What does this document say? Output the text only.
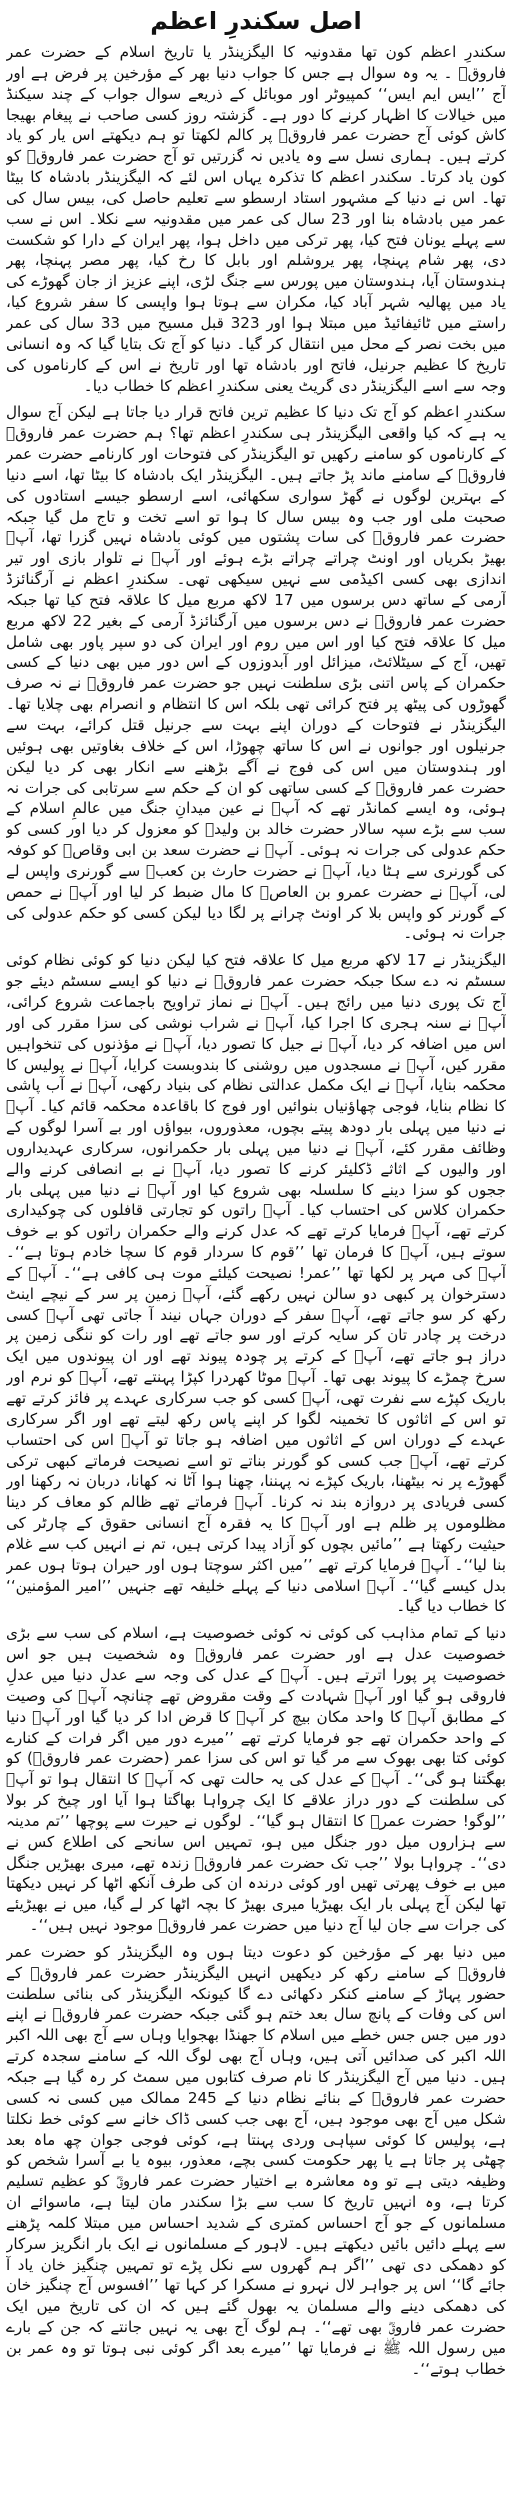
اصل سکندرِ اعظم

سکندرِ اعظم کون تھا مقدونیہ کا الیگزینڈر یا تاریخ اسلام کے حضرت عمر فاروقؓ ۔ یہ وہ سوال ہے جس کا جواب دنیا بھر کے مؤرخین پر فرض ہے اور آج ’’ایس ایم ایس‘‘ کمپیوٹر اور موبائل کے ذریعے سوال جواب کے چند سیکنڈ میں خیالات کا اظہار کرنے کا دور ہے۔ گزشتہ روز کسی صاحب نے پیغام بھیجا کاش کوئی آج حضرت عمر فاروقؓ پر کالم لکھتا تو ہم دیکھتے اس یار کو یاد کرتے ہیں۔ ہماری نسل سے وہ یادیں نہ گزرتیں تو آج حضرت عمر فاروقؓ کو کون یاد کرتا۔ سکندر اعظم کا تذکرہ یہاں اس لئے کہ الیگزینڈر بادشاہ کا بیٹا تھا۔ اس نے دنیا کے مشہور استاد ارسطو سے تعلیم حاصل کی، بیس سال کی عمر میں بادشاہ بنا اور 23 سال کی عمر میں مقدونیہ سے نکلا۔ اس نے سب سے پہلے یونان فتح کیا، پھر ترکی میں داخل ہوا، پھر ایران کے دارا کو شکست دی، پھر شام پہنچا، پھر یروشلم اور بابل کا رخ کیا، پھر مصر پہنچا، پھر ہندوستان آیا، ہندوستان میں پورس سے جنگ لڑی، اپنے عزیز از جان گھوڑے کی یاد میں پھالیہ شہر آباد کیا، مکران سے ہوتا ہوا واپسی کا سفر شروع کیا، راستے میں ٹائیفائیڈ میں مبتلا ہوا اور 323 قبل مسیح میں 33 سال کی عمر میں بخت نصر کے محل میں انتقال کر گیا۔ دنیا کو آج تک بتایا گیا کہ وہ انسانی تاریخ کا عظیم جرنیل، فاتح اور بادشاہ تھا اور تاریخ نے اس کے کارناموں کی وجہ سے اسے الیگزینڈر دی گریٹ یعنی سکندرِ اعظم کا خطاب دیا۔

سکندرِ اعظم کو آج تک دنیا کا عظیم ترین فاتح قرار دیا جاتا ہے لیکن آج سوال یہ ہے کہ کیا واقعی الیگزینڈر ہی سکندرِ اعظم تھا؟ ہم حضرت عمر فاروقؓ کے کارناموں کو سامنے رکھیں تو الیگزینڈر کی فتوحات اور کارنامے حضرت عمر فاروقؓ کے سامنے ماند پڑ جاتے ہیں۔ الیگزینڈر ایک بادشاہ کا بیٹا تھا، اسے دنیا کے بہترین لوگوں نے گھڑ سواری سکھائی، اسے ارسطو جیسے استادوں کی صحبت ملی اور جب وہ بیس سال کا ہوا تو اسے تخت و تاج مل گیا جبکہ حضرت عمر فاروقؓ کی سات پشتوں میں کوئی بادشاہ نہیں گزرا تھا، آپؓ بھیڑ بکریاں اور اونٹ چراتے چراتے بڑے ہوئے اور آپؓ نے تلوار بازی اور تیر اندازی بھی کسی اکیڈمی سے نہیں سیکھی تھی۔ سکندرِ اعظم نے آرگنائزڈ آرمی کے ساتھ دس برسوں میں 17 لاکھ مربع میل کا علاقہ فتح کیا تھا جبکہ حضرت عمر فاروقؓ نے دس برسوں میں آرگنائزڈ آرمی کے بغیر 22 لاکھ مربع میل کا علاقہ فتح کیا اور اس میں روم اور ایران کی دو سپر پاور بھی شامل تھیں، آج کے سیٹلائٹ، میزائل اور آبدوزوں کے اس دور میں بھی دنیا کے کسی حکمران کے پاس اتنی بڑی سلطنت نہیں جو حضرت عمر فاروقؓ نے نہ صرف گھوڑوں کی پیٹھ پر فتح کرائی تھی بلکہ اس کا انتظام و انصرام بھی چلایا تھا۔ الیگزینڈر نے فتوحات کے دوران اپنے بہت سے جرنیل قتل کرائے، بہت سے جرنیلوں اور جوانوں نے اس کا ساتھ چھوڑا، اس کے خلاف بغاوتیں بھی ہوئیں اور ہندوستان میں اس کی فوج نے آگے بڑھنے سے انکار بھی کر دیا لیکن حضرت عمر فاروقؓ کے کسی ساتھی کو ان کے حکم سے سرتابی کی جرات نہ ہوئی، وہ ایسے کمانڈر تھے کہ آپؓ نے عین میدانِ جنگ میں عالمِ اسلام کے سب سے بڑے سپہ سالار حضرت خالد بن ولیدؓ کو معزول کر دیا اور کسی کو حکم عدولی کی جرات نہ ہوئی۔ آپؓ نے حضرت سعد بن ابی وقاصؓ کو کوفہ کی گورنری سے ہٹا دیا، آپؓ نے حضرت حارث بن کعبؓ سے گورنری واپس لے لی، آپؓ نے حضرت عمرو بن العاصؓ کا مال ضبط کر لیا اور آپؓ نے حمص کے گورنر کو واپس بلا کر اونٹ چرانے پر لگا دیا لیکن کسی کو حکم عدولی کی جرات نہ ہوئی۔

الیگزینڈر نے 17 لاکھ مربع میل کا علاقہ فتح کیا لیکن دنیا کو کوئی نظام کوئی سسٹم نہ دے سکا جبکہ حضرت عمر فاروقؓ نے دنیا کو ایسے سسٹم دیئے جو آج تک پوری دنیا میں رائج ہیں۔ آپؓ نے نماز تراویح باجماعت شروع کرائی، آپؓ نے سنہ ہجری کا اجرا کیا، آپؓ نے شراب نوشی کی سزا مقرر کی اور اس میں اضافہ کر دیا، آپؓ نے جیل کا تصور دیا، آپؓ نے مؤذنوں کی تنخواہیں مقرر کیں، آپؓ نے مسجدوں میں روشنی کا بندوبست کرایا، آپؓ نے پولیس کا محکمہ بنایا، آپؓ نے ایک مکمل عدالتی نظام کی بنیاد رکھی، آپؓ نے آب پاشی کا نظام بنایا، فوجی چھاؤنیاں بنوائیں اور فوج کا باقاعدہ محکمہ قائم کیا۔ آپؓ نے دنیا میں پہلی بار دودھ پیتے بچوں، معذوروں، بیواؤں اور بے آسرا لوگوں کے وظائف مقرر کئے، آپؓ نے دنیا میں پہلی بار حکمرانوں، سرکاری عہدیداروں اور والیوں کے اثاثے ڈکلیئر کرنے کا تصور دیا، آپؓ نے بے انصافی کرنے والے ججوں کو سزا دینے کا سلسلہ بھی شروع کیا اور آپؓ نے دنیا میں پہلی بار حکمران کلاس کی احتساب کیا۔ آپؓ راتوں کو تجارتی قافلوں کی چوکیداری کرتے تھے، آپؓ فرمایا کرتے تھے کہ عدل کرنے والے حکمران راتوں کو بے خوف سوتے ہیں، آپؓ کا فرمان تھا ’’قوم کا سردار قوم کا سچا خادم ہوتا ہے‘‘۔ آپؓ کی مہر پر لکھا تھا ’’عمر! نصیحت کیلئے موت ہی کافی ہے‘‘۔ آپؓ کے دسترخوان پر کبھی دو سالن نہیں رکھے گئے، آپؓ زمین پر سر کے نیچے اینٹ رکھ کر سو جاتے تھے، آپؓ سفر کے دوران جہاں نیند آ جاتی تھی آپؓ کسی درخت پر چادر تان کر سایہ کرتے اور سو جاتے تھے اور رات کو ننگی زمین پر دراز ہو جاتے تھے، آپؓ کے کرتے پر چودہ پیوند تھے اور ان پیوندوں میں ایک سرخ چمڑے کا پیوند بھی تھا۔ آپؓ موٹا کھردرا کپڑا پہنتے تھے، آپؓ کو نرم اور باریک کپڑے سے نفرت تھی، آپؓ کسی کو جب سرکاری عہدے پر فائز کرتے تھے تو اس کے اثاثوں کا تخمینہ لگوا کر اپنے پاس رکھ لیتے تھے اور اگر سرکاری عہدے کے دوران اس کے اثاثوں میں اضافہ ہو جاتا تو آپؓ اس کی احتساب کرتے تھے، آپؓ جب کسی کو گورنر بناتے تو اسے نصیحت فرماتے کبھی ترکی گھوڑے پر نہ بیٹھنا، باریک کپڑے نہ پہننا، چھنا ہوا آٹا نہ کھانا، دربان نہ رکھنا اور کسی فریادی پر دروازہ بند نہ کرنا۔ آپؓ فرماتے تھے ظالم کو معاف کر دینا مظلوموں پر ظلم ہے اور آپؓ کا یہ فقرہ آج انسانی حقوق کے چارٹر کی حیثیت رکھتا ہے ’’مائیں بچوں کو آزاد پیدا کرتی ہیں، تم نے انہیں کب سے غلام بنا لیا‘‘۔ آپؓ فرمایا کرتے تھے ’’میں اکثر سوچتا ہوں اور حیران ہوتا ہوں عمر بدل کیسے گیا‘‘۔ آپؓ اسلامی دنیا کے پہلے خلیفہ تھے جنہیں ’’امیر المؤمنین‘‘ کا خطاب دیا گیا۔

دنیا کے تمام مذاہب کی کوئی نہ کوئی خصوصیت ہے، اسلام کی سب سے بڑی خصوصیت عدل ہے اور حضرت عمر فاروقؓ وہ شخصیت ہیں جو اس خصوصیت پر پورا اترتے ہیں۔ آپؓ کے عدل کی وجہ سے عدل دنیا میں عدلِ فاروقی ہو گیا اور آپؓ شہادت کے وقت مقروض تھے چنانچہ آپؓ کی وصیت کے مطابق آپؓ کا واحد مکان بیچ کر آپؓ کا قرض ادا کر دیا گیا اور آپؓ دنیا کے واحد حکمران تھے جو فرمایا کرتے تھے ’’میرے دور میں اگر فرات کے کنارے کوئی کتا بھی بھوک سے مر گیا تو اس کی سزا عمر (حضرت عمر فاروقؓ) کو بھگتنا ہو گی‘‘۔ آپؓ کے عدل کی یہ حالت تھی کہ آپؓ کا انتقال ہوا تو آپؓ کی سلطنت کے دور دراز علاقے کا ایک چرواہا بھاگتا ہوا آیا اور چیخ کر بولا ’’لوگو! حضرت عمرؓ کا انتقال ہو گیا‘‘۔ لوگوں نے حیرت سے پوچھا ’’تم مدینہ سے ہزاروں میل دور جنگل میں ہو، تمہیں اس سانحے کی اطلاع کس نے دی‘‘۔ چرواہا بولا ’’جب تک حضرت عمر فاروقؓ زندہ تھے، میری بھیڑیں جنگل میں بے خوف پھرتی تھیں اور کوئی درندہ ان کی طرف آنکھ اٹھا کر نہیں دیکھتا تھا لیکن آج پہلی بار ایک بھیڑیا میری بھیڑ کا بچہ اٹھا کر لے گیا، میں نے بھیڑیئے کی جرات سے جان لیا آج دنیا میں حضرت عمر فاروقؓ موجود نہیں ہیں‘‘۔

میں دنیا بھر کے مؤرخین کو دعوت دیتا ہوں وہ الیگزینڈر کو حضرت عمر فاروقؓ کے سامنے رکھ کر دیکھیں انہیں الیگزینڈر حضرت عمر فاروقؓ کے حضور پہاڑ کے سامنے کنکر دکھائی دے گا کیونکہ الیگزینڈر کی بنائی سلطنت اس کی وفات کے پانچ سال بعد ختم ہو گئی جبکہ حضرت عمر فاروقؓ نے اپنے دور میں جس جس خطے میں اسلام کا جھنڈا بھجوایا وہاں سے آج بھی اللہ اکبر اللہ اکبر کی صدائیں آتی ہیں، وہاں آج بھی لوگ اللہ کے سامنے سجدہ کرتے ہیں۔ دنیا میں آج الیگزینڈر کا نام صرف کتابوں میں سمٹ کر رہ گیا ہے جبکہ حضرت عمر فاروقؓ کے بنائے نظام دنیا کے 245 ممالک میں کسی نہ کسی شکل میں آج بھی موجود ہیں، آج بھی جب کسی ڈاک خانے سے کوئی خط نکلتا ہے، پولیس کا کوئی سپاہی وردی پہنتا ہے، کوئی فوجی جوان چھ ماہ بعد چھٹی پر جاتا ہے یا پھر حکومت کسی بچے، معذور، بیوہ یا بے آسرا شخص کو وظیفہ دیتی ہے تو وہ معاشرہ بے اختیار حضرت عمر فاروقؓ کو عظیم تسلیم کرتا ہے، وہ انہیں تاریخ کا سب سے بڑا سکندر مان لیتا ہے، ماسوائے ان مسلمانوں کے جو آج احساس کمتری کے شدید احساس میں مبتلا کلمہ پڑھنے سے پہلے دائیں بائیں دیکھتے ہیں۔ لاہور کے مسلمانوں نے ایک بار انگریز سرکار کو دھمکی دی تھی ’’اگر ہم گھروں سے نکل پڑے تو تمہیں چنگیز خان یاد آ جائے گا‘‘ اس پر جواہر لال نہرو نے مسکرا کر کہا تھا ’’افسوس آج چنگیز خان کی دھمکی دینے والے مسلمان یہ بھول گئے ہیں کہ ان کی تاریخ میں ایک حضرت عمر فاروقؓ بھی تھے‘‘۔ ہم لوگ آج بھی یہ نہیں جانتے کہ جن کے بارے میں رسول اللہ ﷺ نے فرمایا تھا ’’میرے بعد اگر کوئی نبی ہوتا تو وہ عمر بن خطاب ہوتے‘‘۔
